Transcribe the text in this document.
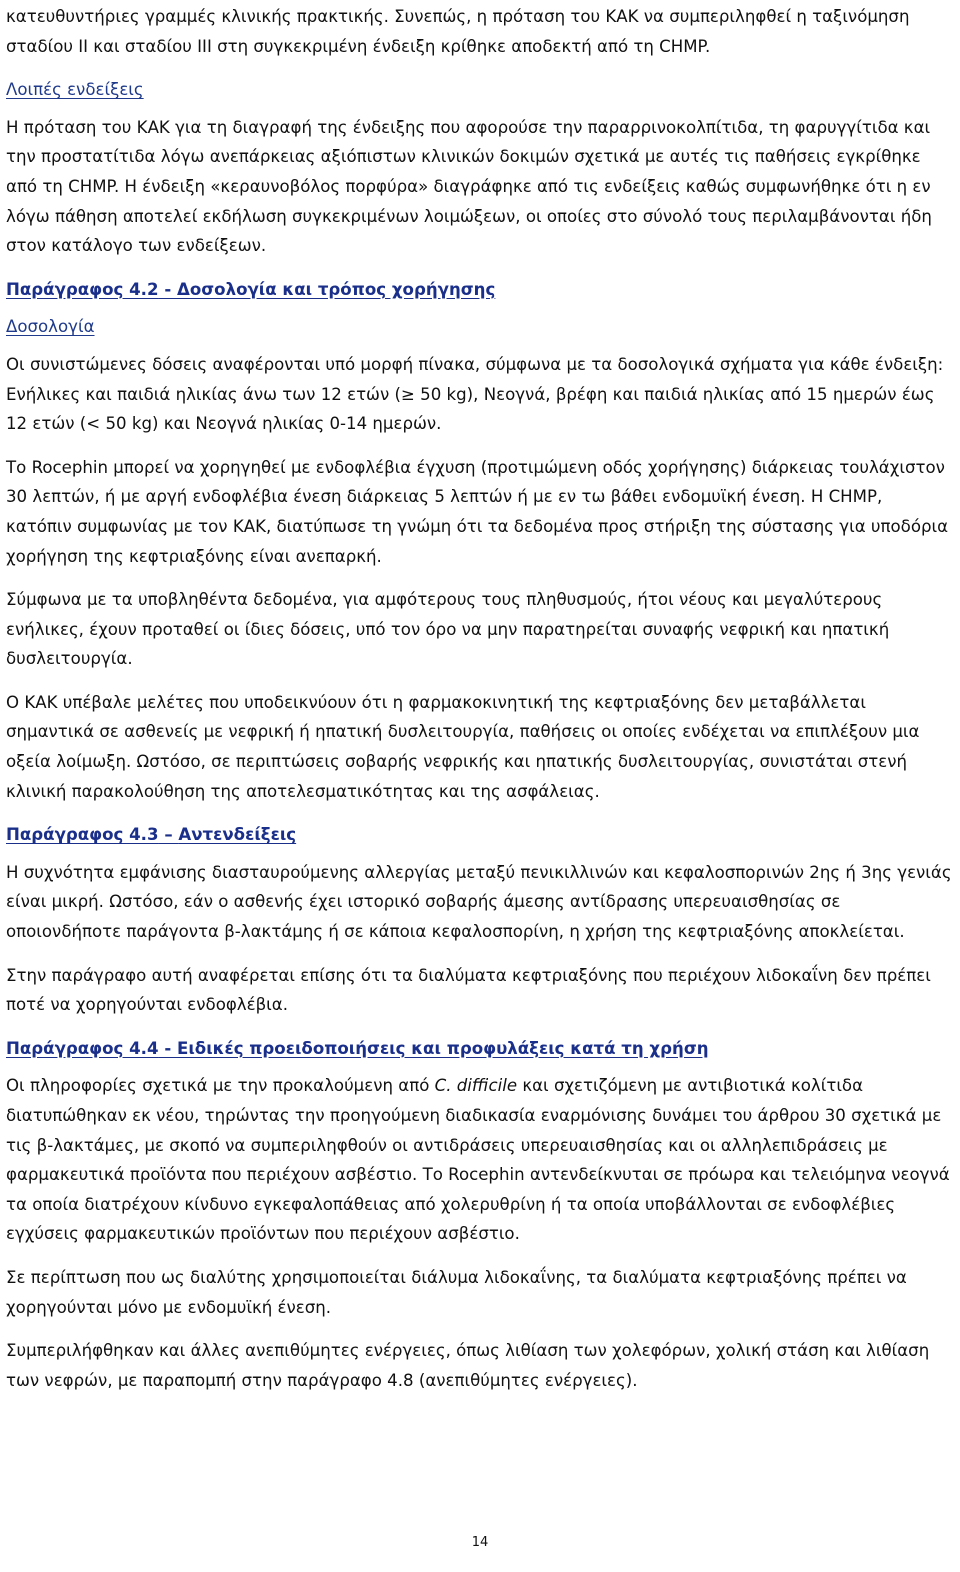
κατευθυντήριες γραμμές κλινικής πρακτικής. Συνεπώς, η πρόταση του ΚΑΚ να συμπεριληφθεί η ταξινόμηση σταδίου II και σταδίου III στη συγκεκριμένη ένδειξη κρίθηκε αποδεκτή από τη CHMP.

Λοιπές ενδείξεις

Η πρόταση του ΚΑΚ για τη διαγραφή της ένδειξης που αφορούσε την παραρρινοκολπίτιδα, τη φαρυγγίτιδα και την προστατίτιδα λόγω ανεπάρκειας αξιόπιστων κλινικών δοκιμών σχετικά με αυτές τις παθήσεις εγκρίθηκε από τη CHMP. Η ένδειξη «κεραυνοβόλος πορφύρα» διαγράφηκε από τις ενδείξεις καθώς συμφωνήθηκε ότι η εν λόγω πάθηση αποτελεί εκδήλωση συγκεκριμένων λοιμώξεων, οι οποίες στο σύνολό τους περιλαμβάνονται ήδη στον κατάλογο των ενδείξεων.

Παράγραφος 4.2 - Δοσολογία και τρόπος χορήγησης

Δοσολογία

Οι συνιστώμενες δόσεις αναφέρονται υπό μορφή πίνακα, σύμφωνα με τα δοσολογικά σχήματα για κάθε ένδειξη: Ενήλικες και παιδιά ηλικίας άνω των 12 ετών (≥ 50 kg), Νεογνά, βρέφη και παιδιά ηλικίας από 15 ημερών έως 12 ετών (< 50 kg) και Νεογνά ηλικίας 0-14 ημερών.

Το Rocephin μπορεί να χορηγηθεί με ενδοφλέβια έγχυση (προτιμώμενη οδός χορήγησης) διάρκειας τουλάχιστον 30 λεπτών, ή με αργή ενδοφλέβια ένεση διάρκειας 5 λεπτών ή με εν τω βάθει ενδομυϊκή ένεση. Η CHMP, κατόπιν συμφωνίας με τον ΚΑΚ, διατύπωσε τη γνώμη ότι τα δεδομένα προς στήριξη της σύστασης για υποδόρια χορήγηση της κεφτριαξόνης είναι ανεπαρκή.

Σύμφωνα με τα υποβληθέντα δεδομένα, για αμφότερους τους πληθυσμούς, ήτοι νέους και μεγαλύτερους ενήλικες, έχουν προταθεί οι ίδιες δόσεις, υπό τον όρο να μην παρατηρείται συναφής νεφρική και ηπατική δυσλειτουργία.

Ο ΚΑΚ υπέβαλε μελέτες που υποδεικνύουν ότι η φαρμακοκινητική της κεφτριαξόνης δεν μεταβάλλεται σημαντικά σε ασθενείς με νεφρική ή ηπατική δυσλειτουργία, παθήσεις οι οποίες ενδέχεται να επιπλέξουν μια οξεία λοίμωξη. Ωστόσο, σε περιπτώσεις σοβαρής νεφρικής και ηπατικής δυσλειτουργίας, συνιστάται στενή κλινική παρακολούθηση της αποτελεσματικότητας και της ασφάλειας.

Παράγραφος 4.3 – Αντενδείξεις

Η συχνότητα εμφάνισης διασταυρούμενης αλλεργίας μεταξύ πενικιλλινών και κεφαλοσπορινών 2ης ή 3ης γενιάς είναι μικρή. Ωστόσο, εάν ο ασθενής έχει ιστορικό σοβαρής άμεσης αντίδρασης υπερευαισθησίας σε οποιονδήποτε παράγοντα β-λακτάμης ή σε κάποια κεφαλοσπορίνη, η χρήση της κεφτριαξόνης αποκλείεται.

Στην παράγραφο αυτή αναφέρεται επίσης ότι τα διαλύματα κεφτριαξόνης που περιέχουν λιδοκαΐνη δεν πρέπει ποτέ να χορηγούνται ενδοφλέβια.

Παράγραφος 4.4 - Ειδικές προειδοποιήσεις και προφυλάξεις κατά τη χρήση

Οι πληροφορίες σχετικά με την προκαλούμενη από C. difficile και σχετιζόμενη με αντιβιοτικά κολίτιδα διατυπώθηκαν εκ νέου, τηρώντας την προηγούμενη διαδικασία εναρμόνισης δυνάμει του άρθρου 30 σχετικά με τις β-λακτάμες, με σκοπό να συμπεριληφθούν οι αντιδράσεις υπερευαισθησίας και οι αλληλεπιδράσεις με φαρμακευτικά προϊόντα που περιέχουν ασβέστιο. Το Rocephin αντενδείκνυται σε πρόωρα και τελειόμηνα νεογνά τα οποία διατρέχουν κίνδυνο εγκεφαλοπάθειας από χολερυθρίνη ή τα οποία υποβάλλονται σε ενδοφλέβιες εγχύσεις φαρμακευτικών προϊόντων που περιέχουν ασβέστιο.

Σε περίπτωση που ως διαλύτης χρησιμοποιείται διάλυμα λιδοκαΐνης, τα διαλύματα κεφτριαξόνης πρέπει να χορηγούνται μόνο με ενδομυϊκή ένεση.

Συμπεριλήφθηκαν και άλλες ανεπιθύμητες ενέργειες, όπως λιθίαση των χολεφόρων, χολική στάση και λιθίαση των νεφρών, με παραπομπή στην παράγραφο 4.8 (ανεπιθύμητες ενέργειες).

14
